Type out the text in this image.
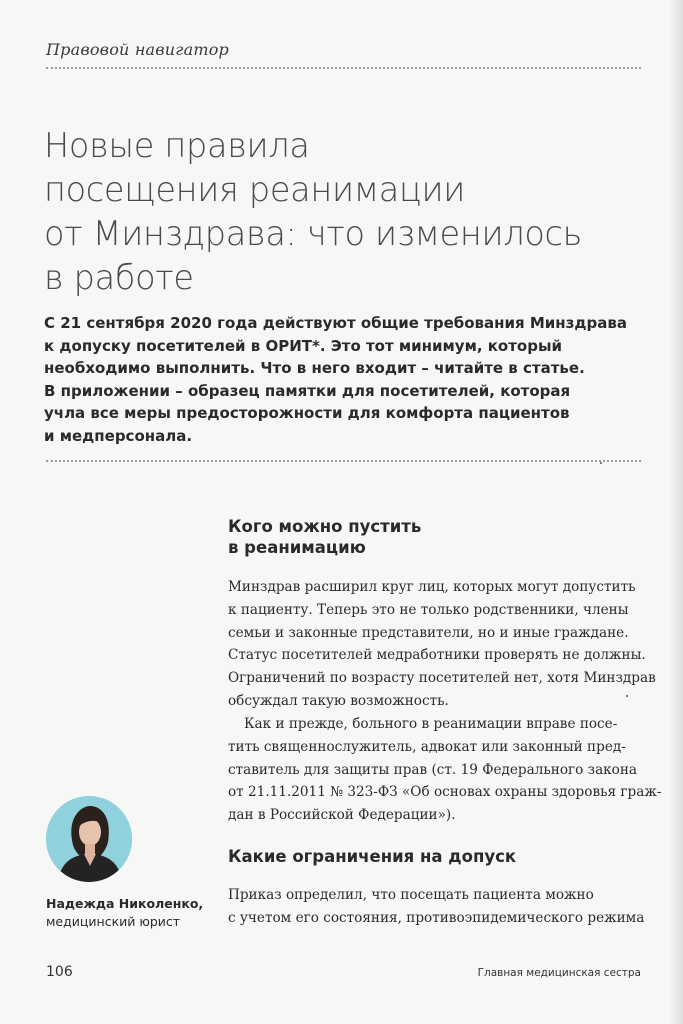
Правовой навигатор
Новые правила
посещения реанимации
от Минздрава: что изменилось
в работе
С 21 сентября 2020 года действуют общие требования Минздрава
к допуску посетителей в ОРИТ*. Это тот минимум, который
необходимо выполнить. Что в него входит – читайте в статье.
В приложении – образец памятки для посетителей, которая
учла все меры предосторожности для комфорта пациентов
и медперсонала.
Кого можно пустить
в реанимацию
Минздрав расширил круг лиц, которых могут допустить
к пациенту. Теперь это не только родственники, члены
семьи и законные представители, но и иные граждане.
Статус посетителей медработники проверять не должны.
Ограничений по возрасту посетителей нет, хотя Минздрав
обсуждал такую возможность.
Как и прежде, больного в реанимации вправе посе-
тить священнослужитель, адвокат или законный пред-
ставитель для защиты прав (ст. 19 Федерального закона
от 21.11.2011 № 323-ФЗ «Об основах охраны здоровья граж-
дан в Российской Федерации»).
Какие ограничения на допуск
Приказ определил, что посещать пациента можно
с учетом его состояния, противоэпидемического режима
Надежда Николенко,
медицинский юрист
106	Главная медицинская сестра
